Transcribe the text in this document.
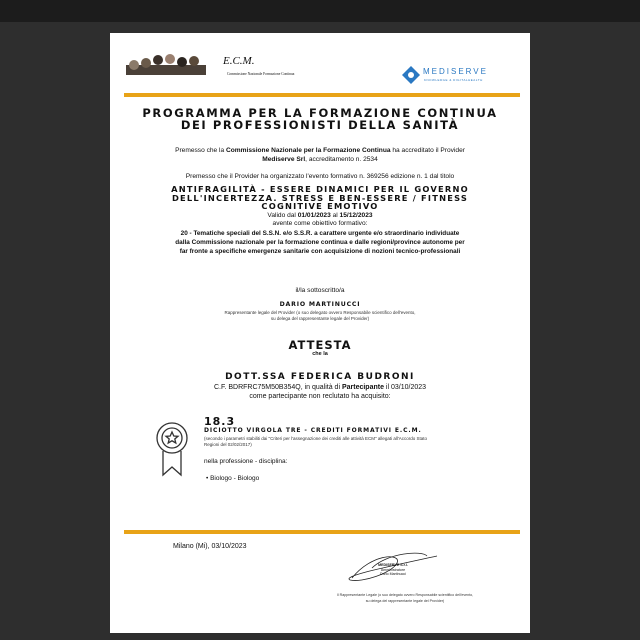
E.C.M.
Commissione Nazionale Formazione Continua	MEDISERVE
KNOWLEDGE & DIGITALHEALTH
PROGRAMMA PER LA FORMAZIONE CONTINUA
DEI PROFESSIONISTI DELLA SANITÀ
Premesso che la Commissione Nazionale per la Formazione Continua ha accreditato il Provider
Mediserve Srl, accreditamento n. 2534
Premesso che il Provider ha organizzato l'evento formativo n. 369256 edizione n. 1 dal titolo
ANTIFRAGILITÀ - ESSERE DINAMICI PER IL GOVERNO
DELL'INCERTEZZA. STRESS E BEN-ESSERE / FITNESS
COGNITIVE EMOTIVO
Valido dal 01/01/2023 al 15/12/2023
avente come obiettivo formativo:
20 - Tematiche speciali del S.S.N. e/o S.S.R. a carattere urgente e/o straordinario individuate
dalla Commissione nazionale per la formazione continua e dalle regioni/province autonome per
far fronte a specifiche emergenze sanitarie con acquisizione di nozioni tecnico-professionali
il/la sottoscritto/a
DARIO MARTINUCCI
Rappresentante legale del Provider (o suo delegato ovvero Responsabile scientifico dell'evento,
su delega del rappresentante legale del Provider)
ATTESTA
che la
DOTT.SSA FEDERICA BUDRONI
C.F. BDRFRC75M50B354Q, in qualità di Partecipante il 03/10/2023
come partecipante non reclutato ha acquisito:
18.3
DICIOTTO VIRGOLA TRE - CREDITI FORMATIVI E.C.M.
(secondo i parametri stabiliti dai "Criteri per l'assegnazione dei crediti alle attività ECM" allegati all'Accordo Stato
Regioni del 02/02/2017)
nella professione - disciplina:
• Biologo - Biologo
Milano (Mi), 03/10/2023
MEDISERVE S.r.l.
Amministratore
Dario Martinucci
Il Rappresentante Legale (o suo delegato ovvero Responsabile scientifico dell'evento,
su delega del rappresentante legale del Provider)
